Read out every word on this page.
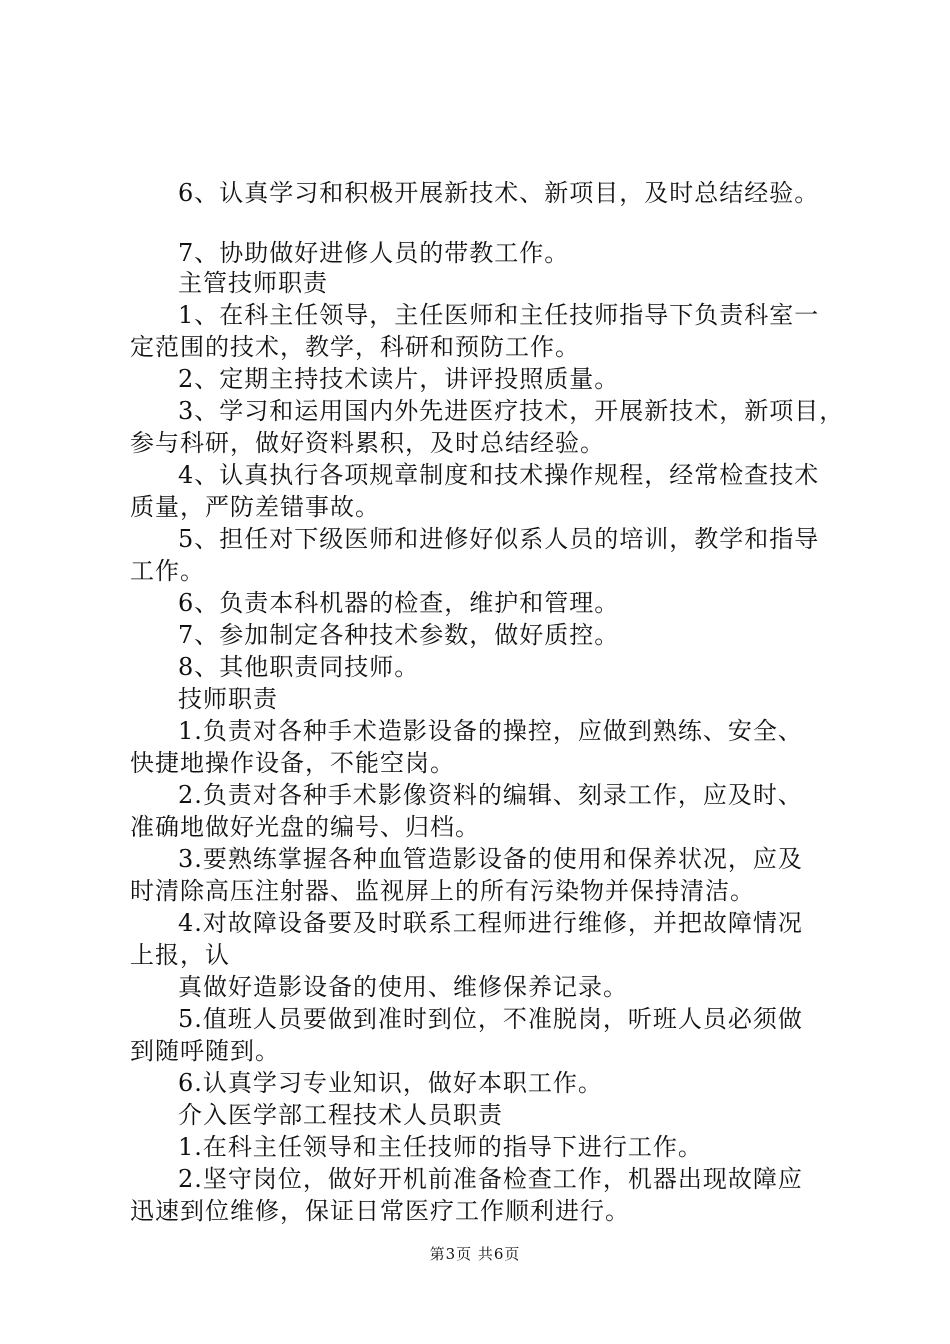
6、认真学习和积极开展新技术、新项目，及时总结经验。
7、协助做好进修人员的带教工作。
主管技师职责
1、在科主任领导，主任医师和主任技师指导下负责科室一
定范围的技术，教学，科研和预防工作。
2、定期主持技术读片，讲评投照质量。
3、学习和运用国内外先进医疗技术，开展新技术，新项目，
参与科研，做好资料累积，及时总结经验。
4、认真执行各项规章制度和技术操作规程，经常检查技术
质量，严防差错事故。
5、担任对下级医师和进修好似系人员的培训，教学和指导
工作。
6、负责本科机器的检查，维护和管理。
7、参加制定各种技术参数，做好质控。
8、其他职责同技师。
技师职责
1.负责对各种手术造影设备的操控，应做到熟练、安全、
快捷地操作设备，不能空岗。
2.负责对各种手术影像资料的编辑、刻录工作，应及时、
准确地做好光盘的编号、归档。
3.要熟练掌握各种血管造影设备的使用和保养状况，应及
时清除高压注射器、监视屏上的所有污染物并保持清洁。
4.对故障设备要及时联系工程师进行维修，并把故障情况
上报，认
真做好造影设备的使用、维修保养记录。
5.值班人员要做到准时到位，不准脱岗，听班人员必须做
到随呼随到。
6.认真学习专业知识，做好本职工作。
介入医学部工程技术人员职责
1.在科主任领导和主任技师的指导下进行工作。
2.坚守岗位，做好开机前准备检查工作，机器出现故障应
迅速到位维修，保证日常医疗工作顺利进行。
第3页 共6页
